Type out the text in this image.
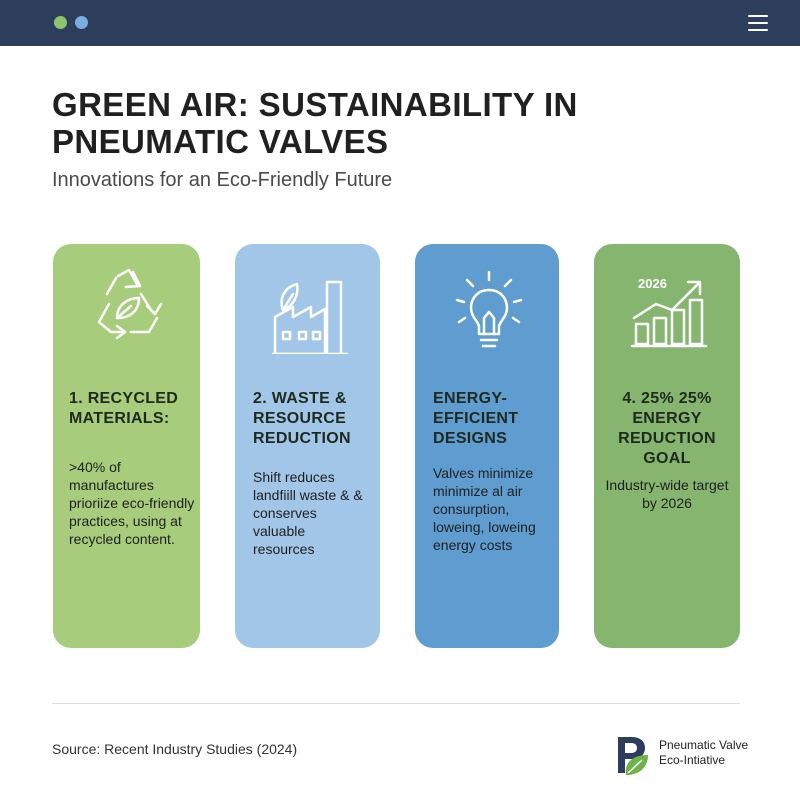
GREEN AIR: SUSTAINABILITY IN PNEUMATIC VALVES
Innovations for an Eco-Friendly Future
1. RECYCLED MATERIALS:
>40% of manufactures prioriize eco-friendly practices, using at recycled content.
2. WASTE & RESOURCE REDUCTION
Shift reduces landfiill waste & & conserves valuable resources
ENERGY-EFFICIENT DESIGNS
Valves minimize minimize al air consurption, loweing, loweing energy costs
2026
4. 25% 25% ENERGY REDUCTION GOAL
Industry-wide target by 2026
Source: Recent Industry Studies (2024)	Pneumatic Valve Eco-Intiative
